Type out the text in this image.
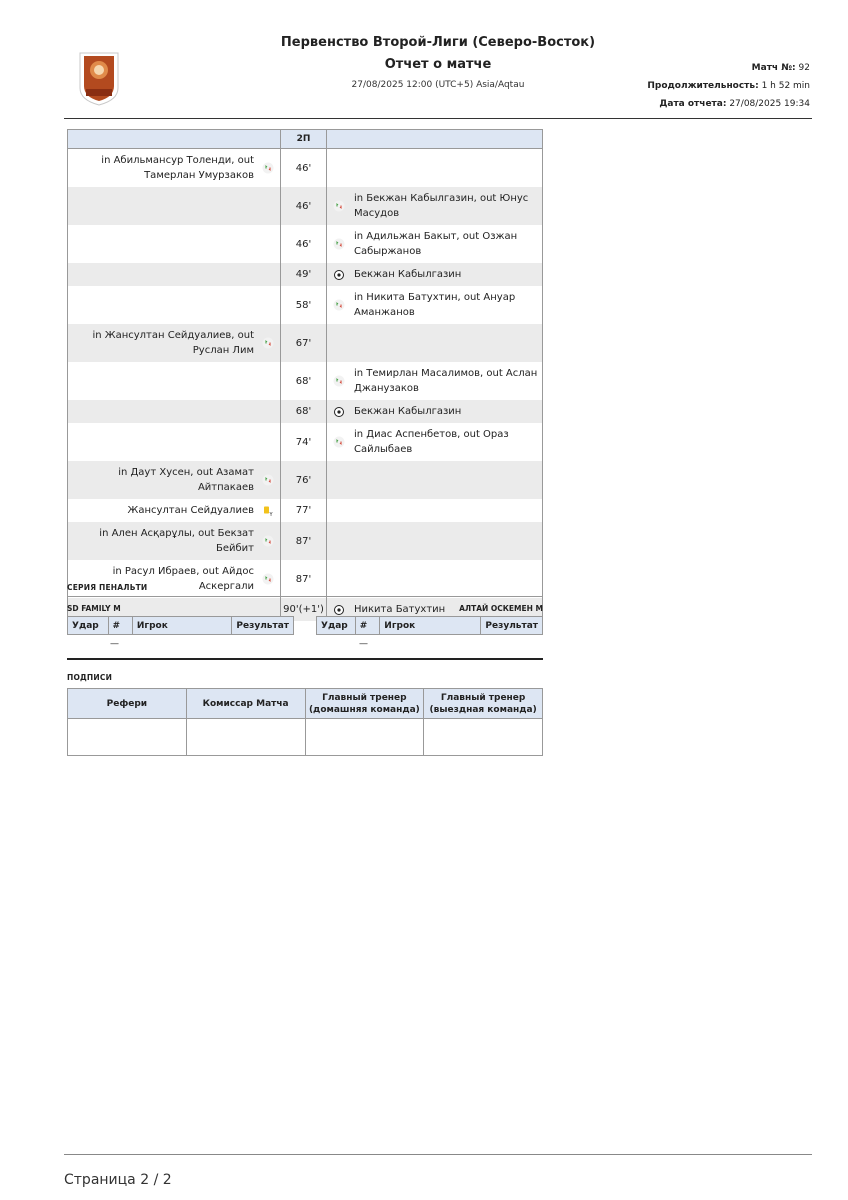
Первенство Второй-Лиги (Северо-Восток)
Отчет о матче
27/08/2025 12:00 (UTC+5) Asia/Aqtau
Матч №: 92
Продолжительность: 1 h 52 min
Дата отчета: 27/08/2025 19:34
	2П	

in Абильмансур Толенди, out Тамерлан Умурзаков	46'	
	46'	in Бекжан Кабылгазин, out Юнус Масудов

	46'	in Адильжан Бакыт, out Озжан Сабыржанов

	49'	Бекжан Кабылгазин

	58'	in Никита Батухтин, out Ануар Аманжанов

in Жансултан Сейдуалиев, out Руслан Лим	67'	
	68'	in Темирлан Масалимов, out Аслан Джанузаков

	68'	Бекжан Кабылгазин

	74'	in Диас Аспенбетов, out Ораз Сайлыбаев

in Даут Хусен, out Азамат Айтпакаев	76'	

Жансултан Сейдуалиев Y	77'	

in Ален Асқарұлы, out Бекзат Бейбит	87'	

in Расул Ибраев, out Айдос Аскергали	87'	
	90'(+1')	Никита Батухтин
СЕРИЯ ПЕНАЛЬТИ
SD FAMILY M	АЛТАЙ ОСКЕМЕН M
Удар	#	Игрок	Результат	Удар	#	Игрок	Результат
—	—
ПОДПИСИ
Рефери	Комиссар Матча	Главный тренер (домашняя команда)	Главный тренер (выездная команда)

Страница 2 / 2
